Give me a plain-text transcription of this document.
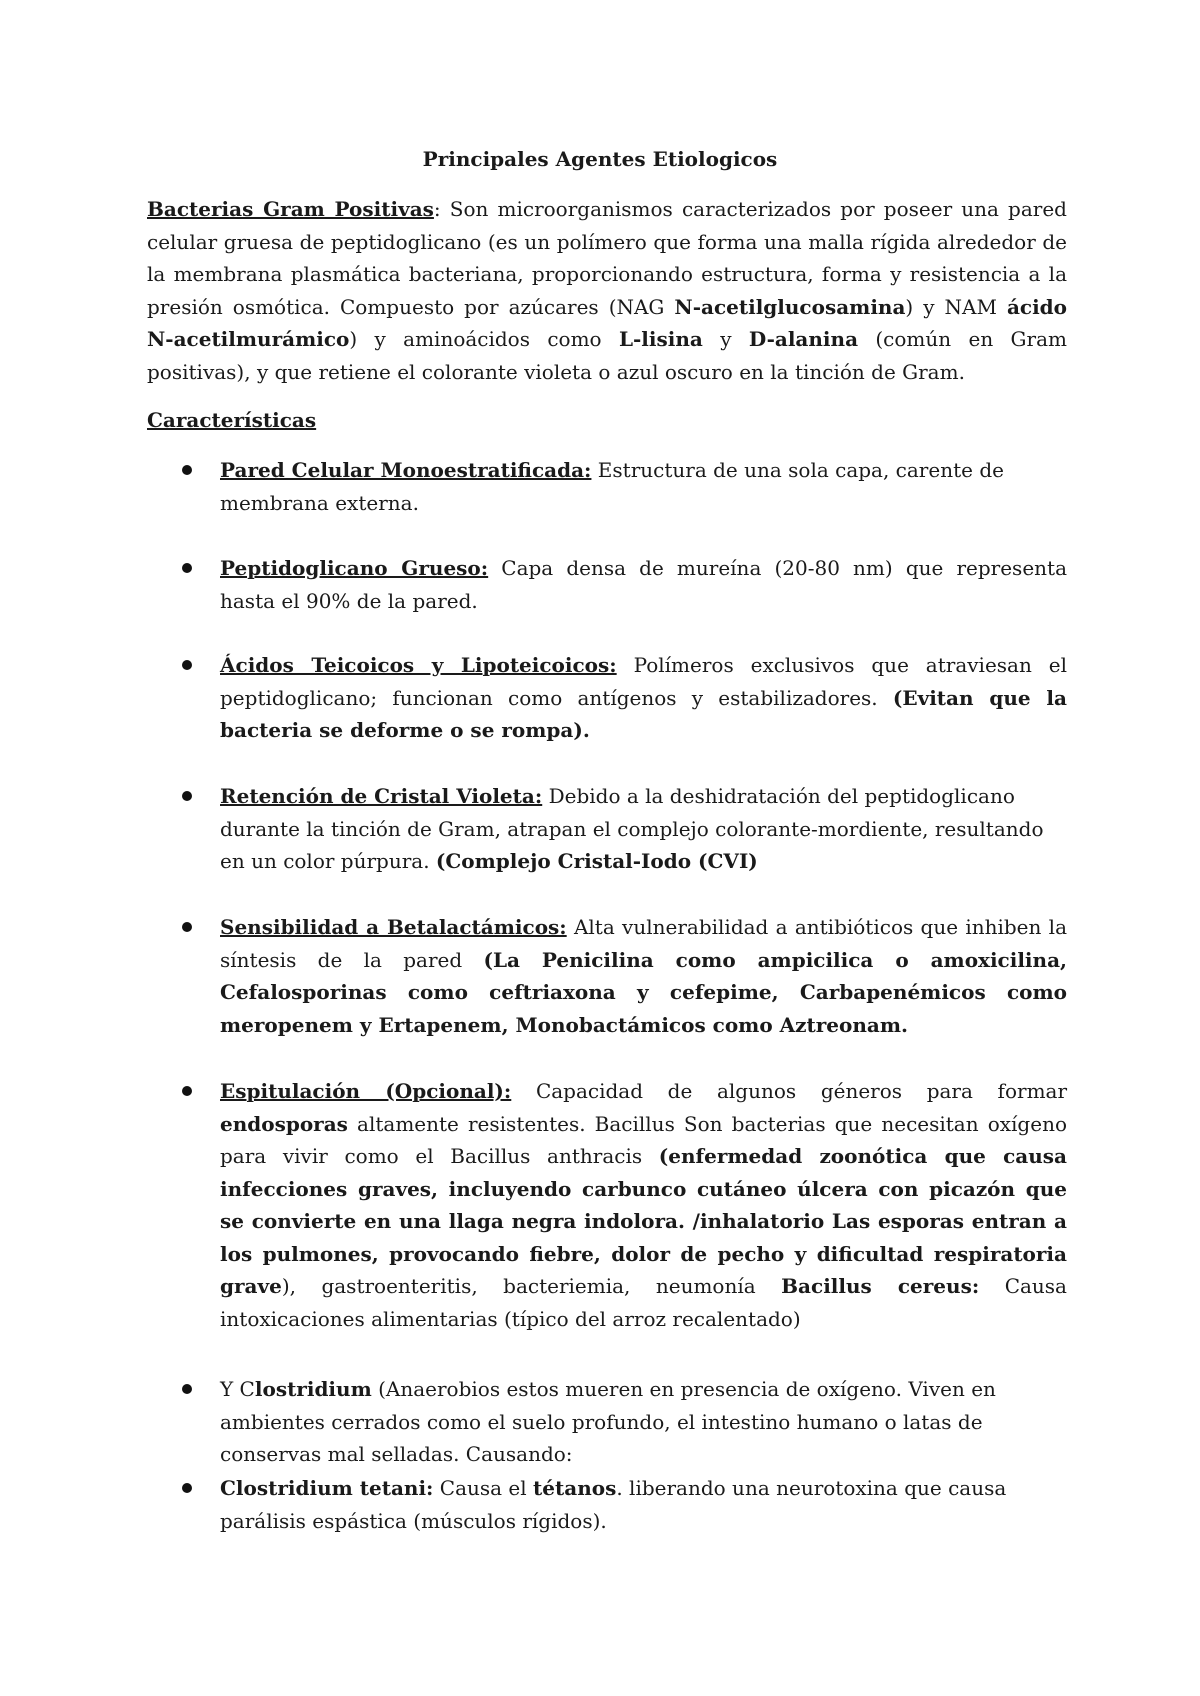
Principales Agentes Etiologicos

Bacterias Gram Positivas: Son microorganismos caracterizados por poseer una pared celular gruesa de peptidoglicano (es un polímero que forma una malla rígida alrededor de la membrana plasmática bacteriana, proporcionando estructura, forma y resistencia a la presión osmótica. Compuesto por azúcares (NAG N-acetilglucosamina) y NAM ácido N-acetilmurámico) y aminoácidos como L-lisina y D-alanina (común en Gram positivas), y que retiene el colorante violeta o azul oscuro en la tinción de Gram.

Características

Pared Celular Monoestratificada: Estructura de una sola capa, carente de membrana externa.

Peptidoglicano Grueso: Capa densa de mureína (20-80 nm) que representa hasta el 90% de la pared.

Ácidos Teicoicos y Lipoteicoicos: Polímeros exclusivos que atraviesan el peptidoglicano; funcionan como antígenos y estabilizadores. (Evitan que la bacteria se deforme o se rompa).

Retención de Cristal Violeta: Debido a la deshidratación del peptidoglicano durante la tinción de Gram, atrapan el complejo colorante-mordiente, resultando en un color púrpura. (Complejo Cristal-Iodo (CVI)

Sensibilidad a Betalactámicos: Alta vulnerabilidad a antibióticos que inhiben la síntesis de la pared (La Penicilina como ampicilica o amoxicilina, Cefalosporinas como ceftriaxona y cefepime, Carbapenémicos como meropenem y Ertapenem, Monobactámicos como Aztreonam.

Espitulación (Opcional): Capacidad de algunos géneros para formar endosporas altamente resistentes. Bacillus Son bacterias que necesitan oxígeno para vivir como el Bacillus anthracis (enfermedad zoonótica que causa infecciones graves, incluyendo carbunco cutáneo úlcera con picazón que se convierte en una llaga negra indolora. /inhalatorio Las esporas entran a los pulmones, provocando fiebre, dolor de pecho y dificultad respiratoria grave), gastroenteritis, bacteriemia, neumonía Bacillus cereus: Causa intoxicaciones alimentarias (típico del arroz recalentado)

Y Clostridium (Anaerobios estos mueren en presencia de oxígeno. Viven en ambientes cerrados como el suelo profundo, el intestino humano o latas de conservas mal selladas. Causando:

Clostridium tetani: Causa el tétanos. liberando una neurotoxina que causa parálisis espástica (músculos rígidos).
